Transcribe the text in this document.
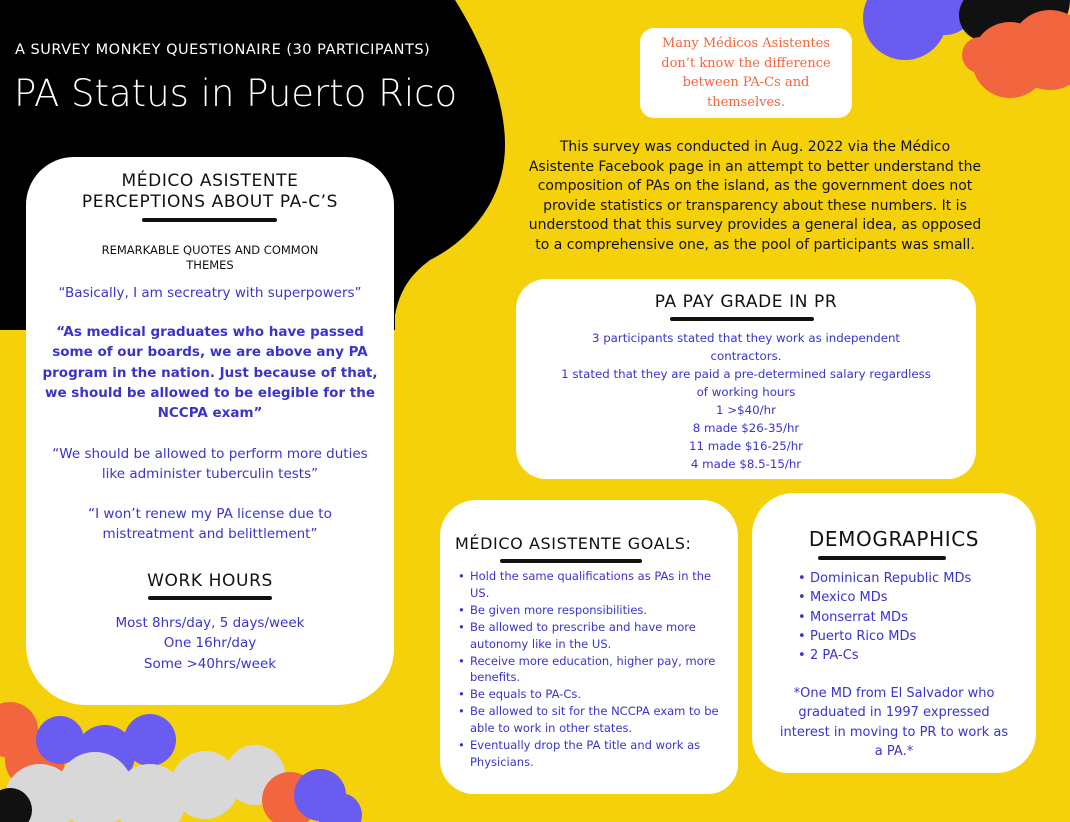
A SURVEY MONKEY QUESTIONAIRE (30 PARTICIPANTS)
PA Status in Puerto Rico
Many Médicos Asistentes
don’t know the difference
between PA-Cs and
themselves.
This survey was conducted in Aug. 2022 via the Médico
Asistente Facebook page in an attempt to better understand the
composition of PAs on the island, as the government does not
provide statistics or transparency about these numbers. It is
understood that this survey provides a general idea, as opposed
to a comprehensive one, as the pool of participants was small.
MÉDICO ASISTENTE
PERCEPTIONS ABOUT PA-C’S
REMARKABLE QUOTES AND COMMON
THEMES
“Basically, I am secreatry with superpowers”
“As medical graduates who have passed
some of our boards, we are above any PA
program in the nation. Just because of that,
we should be allowed to be elegible for the
NCCPA exam”
“We should be allowed to perform more duties
like administer tuberculin tests”
“I won’t renew my PA license due to
mistreatment and belittlement”
WORK HOURS
Most 8hrs/day, 5 days/week
One 16hr/day
Some >40hrs/week
PA PAY GRADE IN PR
3 participants stated that they work as independent
contractors.
1 stated that they are paid a pre-determined salary regardless
of working hours
1 >$40/hr
8 made $26-35/hr
11 made $16-25/hr
4 made $8.5-15/hr
MÉDICO ASISTENTE GOALS:
• Hold the same qualifications as PAs in the
US.
• Be given more responsibilities.
• Be allowed to prescribe and have more
autonomy like in the US.
• Receive more education, higher pay, more
benefits.
• Be equals to PA-Cs.
• Be allowed to sit for the NCCPA exam to be
able to work in other states.
• Eventually drop the PA title and work as
Physicians.
DEMOGRAPHICS
• Dominican Republic MDs
• Mexico MDs
• Monserrat MDs
• Puerto Rico MDs
• 2 PA-Cs
*One MD from El Salvador who
graduated in 1997 expressed
interest in moving to PR to work as
a PA.*
